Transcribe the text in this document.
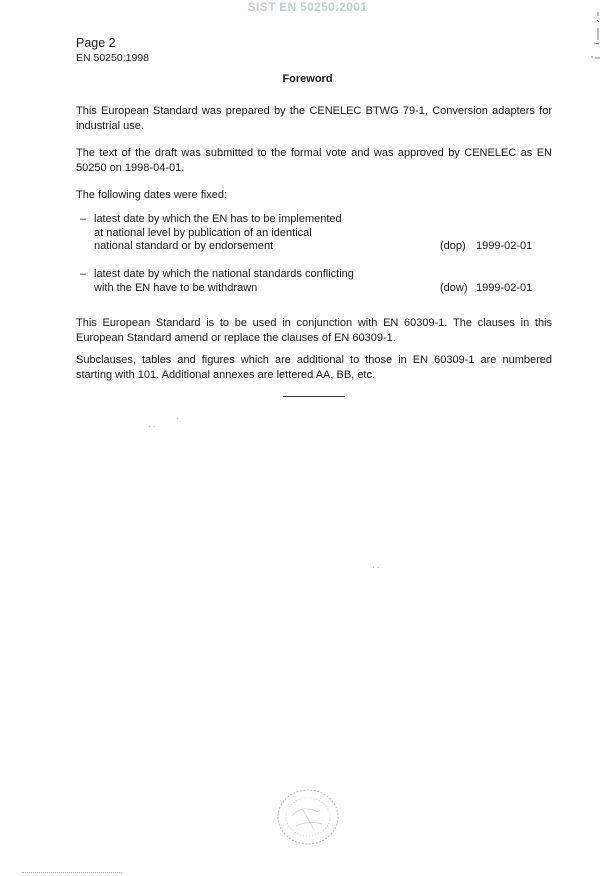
SIST EN 50250:2001
Page 2
EN 50250:1998
Foreword
This European Standard was prepared by the CENELEC BTWG 79-1, Conversion adapters for industrial use.
The text of the draft was submitted to the formal vote and was approved by CENELEC as EN 50250 on 1998-04-01.
The following dates were fixed:
– latest date by which the EN has to be implemented
at national level by publication of an identical
national standard or by endorsement	(dop) 1999-02-01
– latest date by which the national standards conflicting
with the EN have to be withdrawn	(dow) 1999-02-01
This European Standard is to be used in conjunction with EN 60309-1. The clauses in this European Standard amend or replace the clauses of EN 60309-1.
Subclauses, tables and figures which are additional to those in EN 60309-1 are numbered starting with 101. Additional annexes are lettered AA, BB, etc.
· ·
·
· ·
